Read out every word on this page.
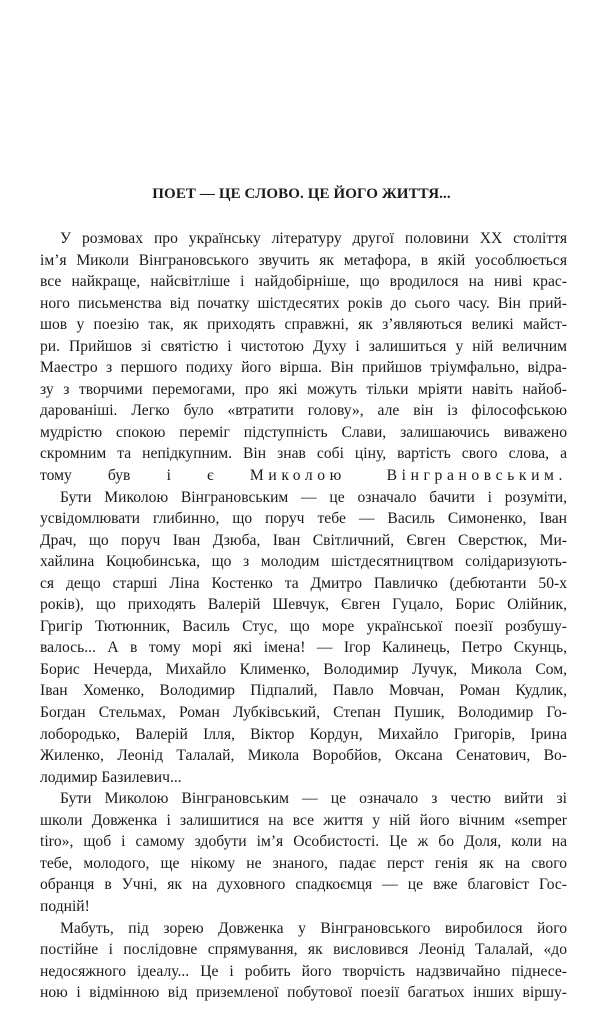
ПОЕТ — ЦЕ СЛОВО. ЦЕ ЙОГО ЖИТТЯ...
У розмовах про українську літературу другої половини XX століття
ім’я Миколи Вінграновського звучить як метафора, в якій уособлюється
все найкраще, найсвітліше і найдобірніше, що вродилося на ниві крас-
ного письменства від початку шістдесятих років до сього часу. Він прий-
шов у поезію так, як приходять справжні, як з’являються великі майст-
ри. Прийшов зі святістю і чистотою Духу і залишиться у ній величним
Маестро з першого подиху його вірша. Він прийшов тріумфально, відра-
зу з творчими перемогами, про які можуть тільки мріяти навіть найоб-
дарованіші. Легко було «втратити голову», але він із філософською
мудрістю спокою переміг підступність Слави, залишаючись виважено
скромним та непідкупним. Він знав собі ціну, вартість свого слова, а
тому був і є Миколою Вінграновським.
Бути Миколою Вінграновським — це означало бачити і розуміти,
усвідомлювати глибинно, що поруч тебе — Василь Симоненко, Іван
Драч, що поруч Іван Дзюба, Іван Світличний, Євген Сверстюк, Ми-
хайлина Коцюбинська, що з молодим шістдесятництвом солідаризують-
ся дещо старші Ліна Костенко та Дмитро Павличко (дебютанти 50-х
років), що приходять Валерій Шевчук, Євген Гуцало, Борис Олійник,
Григір Тютюнник, Василь Стус, що море української поезії розбушу-
валось... А в тому морі які імена! — Ігор Калинець, Петро Скунць,
Борис Нечерда, Михайло Клименко, Володимир Лучук, Микола Сом,
Іван Хоменко, Володимир Підпалий, Павло Мовчан, Роман Кудлик,
Богдан Стельмах, Роман Лубківський, Степан Пушик, Володимир Го-
лобородько, Валерій Ілля, Віктор Кордун, Михайло Григорів, Ірина
Жиленко, Леонід Талалай, Микола Воробйов, Оксана Сенатович, Во-
лодимир Базилевич...
Бути Миколою Вінграновським — це означало з честю вийти зі
школи Довженка і залишитися на все життя у ній його вічним «semper
tiro», щоб і самому здобути ім’я Особистості. Це ж бо Доля, коли на
тебе, молодого, ще нікому не знаного, падає перст генія як на свого
обранця в Учні, як на духовного спадкоємця — це вже благовіст Гос-
подній!
Мабуть, під зорею Довженка у Вінграновського виробилося його
постійне і послідовне спрямування, як висловився Леонід Талалай, «до
недосяжного ідеалу... Це і робить його творчість надзвичайно піднесе-
ною і відмінною від приземленої побутової поезії багатьох інших віршу-
